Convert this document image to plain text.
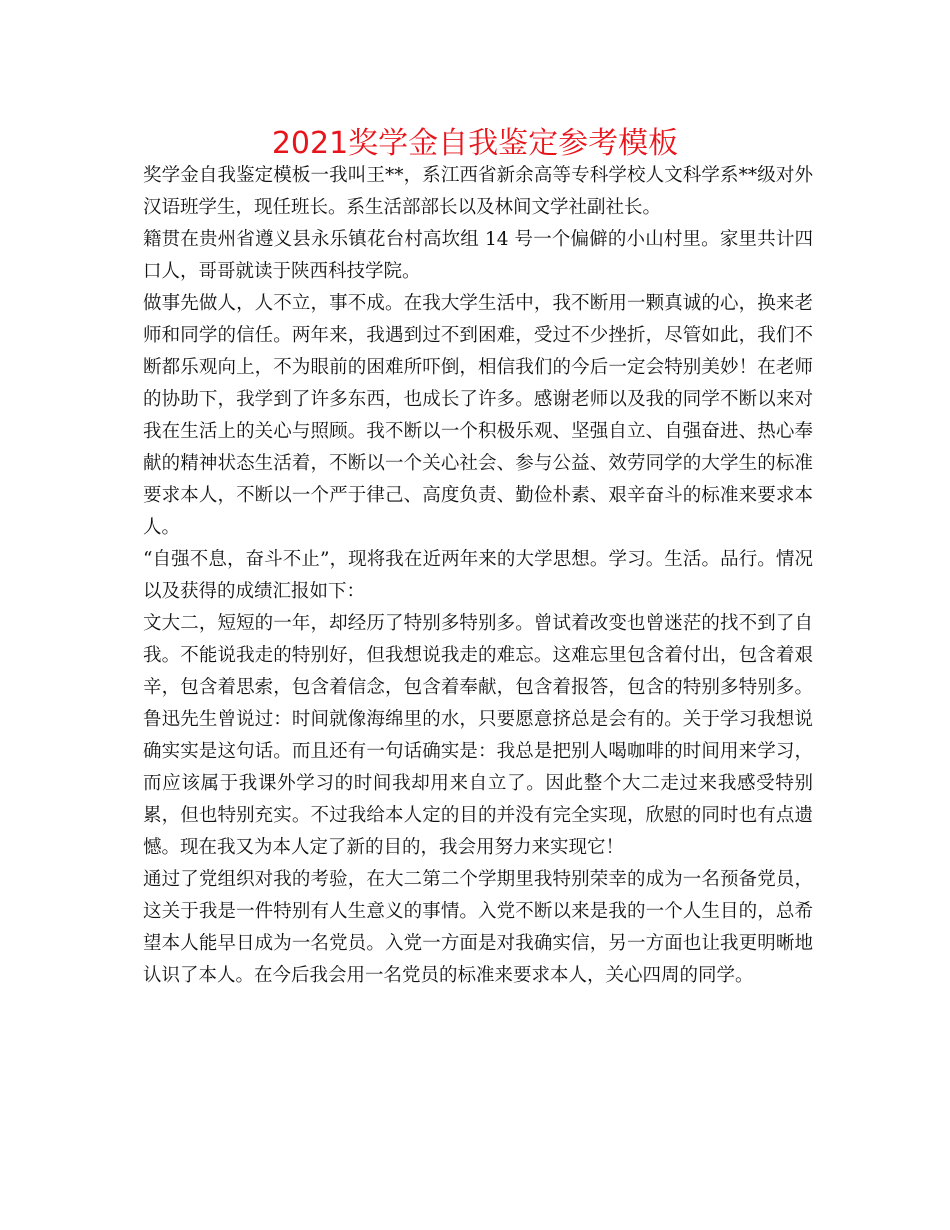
2021奖学金自我鉴定参考模板

奖学金自我鉴定模板一我叫王**，系江西省新余高等专科学校人文科学系**级对外汉语班学生，现任班长。系生活部部长以及林间文学社副社长。

籍贯在贵州省遵义县永乐镇花台村高坎组 14 号一个偏僻的小山村里。家里共计四口人，哥哥就读于陕西科技学院。

做事先做人，人不立，事不成。在我大学生活中，我不断用一颗真诚的心，换来老师和同学的信任。两年来，我遇到过不到困难，受过不少挫折，尽管如此，我们不断都乐观向上，不为眼前的困难所吓倒，相信我们的今后一定会特别美妙！在老师的协助下，我学到了许多东西，也成长了许多。感谢老师以及我的同学不断以来对我在生活上的关心与照顾。我不断以一个积极乐观、坚强自立、自强奋进、热心奉献的精神状态生活着，不断以一个关心社会、参与公益、效劳同学的大学生的标准要求本人，不断以一个严于律己、高度负责、勤俭朴素、艰辛奋斗的标准来要求本人。

“自强不息，奋斗不止”，现将我在近两年来的大学思想。学习。生活。品行。情况以及获得的成绩汇报如下：

文大二，短短的一年，却经历了特别多特别多。曾试着改变也曾迷茫的找不到了自我。不能说我走的特别好，但我想说我走的难忘。这难忘里包含着付出，包含着艰辛，包含着思索，包含着信念，包含着奉献，包含着报答，包含的特别多特别多。鲁迅先生曾说过：时间就像海绵里的水，只要愿意挤总是会有的。关于学习我想说确实实是这句话。而且还有一句话确实是：我总是把别人喝咖啡的时间用来学习，而应该属于我课外学习的时间我却用来自立了。因此整个大二走过来我感受特别累，但也特别充实。不过我给本人定的目的并没有完全实现，欣慰的同时也有点遗憾。现在我又为本人定了新的目的，我会用努力来实现它！

通过了党组织对我的考验，在大二第二个学期里我特别荣幸的成为一名预备党员，这关于我是一件特别有人生意义的事情。入党不断以来是我的一个人生目的，总希望本人能早日成为一名党员。入党一方面是对我确实信，另一方面也让我更明晰地认识了本人。在今后我会用一名党员的标准来要求本人，关心四周的同学。
